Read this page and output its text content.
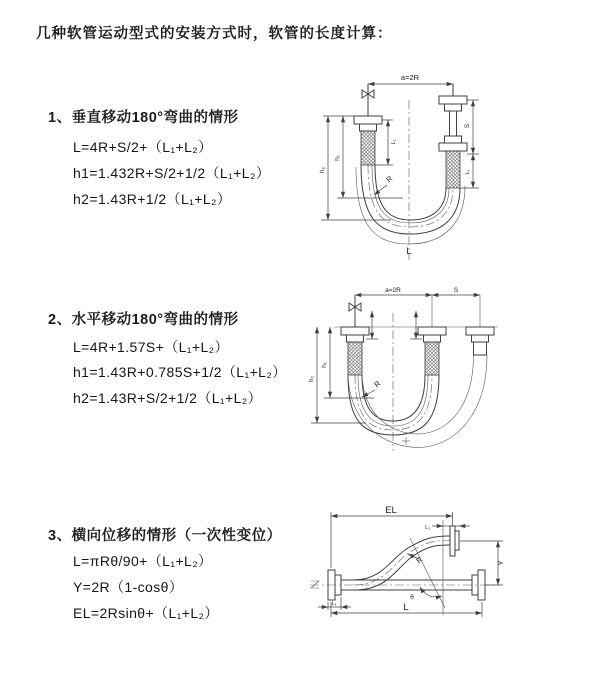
几种软管运动型式的安装方式时，软管的长度计算：
1、垂直移动180°弯曲的情形
L=4R+S/2+（L₁+L₂）
h1=1.432R+S/2+1/2（L₁+L₂）
h2=1.43R+1/2（L₁+L₂）
2、水平移动180°弯曲的情形
L=4R+1.57S+（L₁+L₂）
h1=1.43R+0.785S+1/2（L₁+L₂）
h2=1.43R+S/2+1/2（L₁+L₂）
3、横向位移的情形（一次性变位）
L=πRθ/90+（L₁+L₂）
Y=2R（1-cosθ）
EL=2Rsinθ+（L₁+L₂）
a=2R
L
h₁
h₂
L₁
S
L₁
R
a=2R	S
h₁
h₂	R
EL
L₁
Y
L
L₁
θ
R
